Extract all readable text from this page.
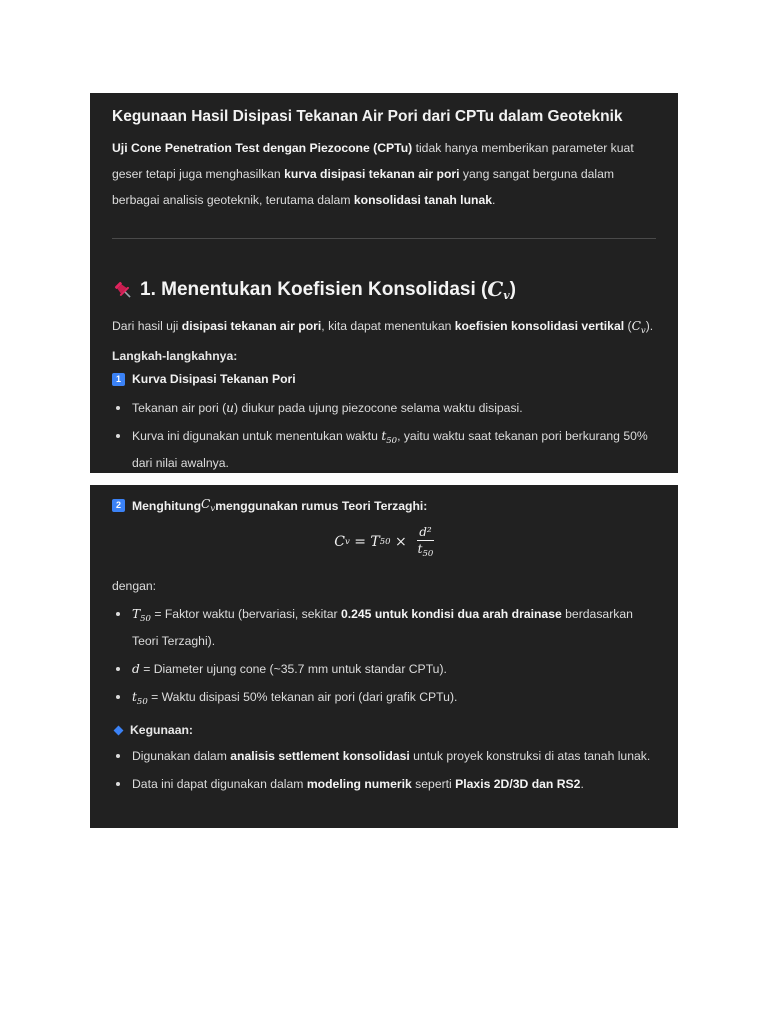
Kegunaan Hasil Disipasi Tekanan Air Pori dari CPTu dalam Geoteknik
Uji Cone Penetration Test dengan Piezocone (CPTu) tidak hanya memberikan parameter kuat geser tetapi juga menghasilkan kurva disipasi tekanan air pori yang sangat berguna dalam berbagai analisis geoteknik, terutama dalam konsolidasi tanah lunak.
1. Menentukan Koefisien Konsolidasi ( $C_v$ )
Dari hasil uji disipasi tekanan air pori, kita dapat menentukan koefisien konsolidasi vertikal $(C_v)$.
Langkah-langkahnya:
1 Kurva Disipasi Tekanan Pori
Tekanan air pori (u) diukur pada ujung piezocone selama waktu disipasi.
Kurva ini digunakan untuk menentukan waktu $t_{50}$, yaitu waktu saat tekanan pori berkurang 50% dari nilai awalnya.
2 Menghitung $C_v$ menggunakan rumus Teori Terzaghi:
C v = T $50 \times \frac{\text{d²}}{t_{50}}$
dengan:
$T_{50}$ = Faktor waktu (bervariasi, sekitar 0.245 untuk kondisi dua arah drainase berdasarkan Teori Terzaghi).
d = Diameter ujung cone (~35.7 mm untuk standar CPTu).
$t_{50}$ = Waktu disipasi 50% tekanan air pori (dari grafik CPTu).
Kegunaan:
Digunakan dalam analisis settlement konsolidasi untuk proyek konstruksi di atas tanah lunak.
Data ini dapat digunakan dalam modeling numerik seperti Plaxis 2D/3D dan RS2.
